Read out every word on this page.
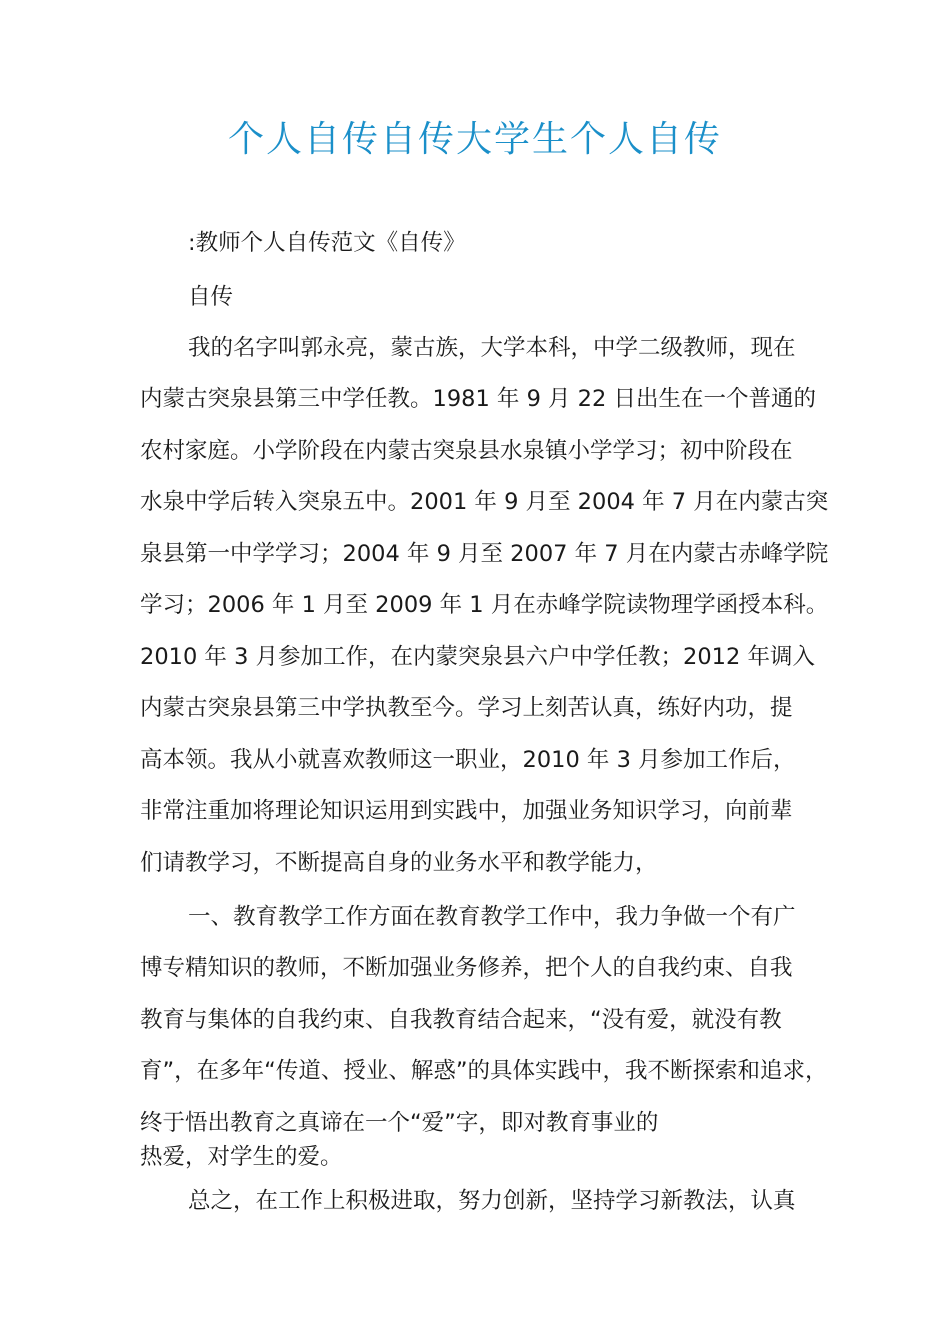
个人自传自传大学生个人自传

:教师个人自传范文《自传》

自传

我的名字叫郭永亮，蒙古族，大学本科，中学二级教师，现在

内蒙古突泉县第三中学任教。1981 年 9 月 22 日出生在一个普通的

农村家庭。小学阶段在内蒙古突泉县水泉镇小学学习；初中阶段在

水泉中学后转入突泉五中。2001 年 9 月至 2004 年 7 月在内蒙古突

泉县第一中学学习；2004 年 9 月至 2007 年 7 月在内蒙古赤峰学院

学习；2006 年 1 月至 2009 年 1 月在赤峰学院读物理学函授本科。

2010 年 3 月参加工作，在内蒙突泉县六户中学任教；2012 年调入

内蒙古突泉县第三中学执教至今。学习上刻苦认真，练好内功，提

高本领。我从小就喜欢教师这一职业，2010 年 3 月参加工作后，

非常注重加将理论知识运用到实践中，加强业务知识学习，向前辈

们请教学习，不断提高自身的业务水平和教学能力，

一、教育教学工作方面在教育教学工作中，我力争做一个有广

博专精知识的教师，不断加强业务修养，把个人的自我约束、自我

教育与集体的自我约束、自我教育结合起来，“没有爱，就没有教

育”，在多年“传道、授业、解惑”的具体实践中，我不断探索和追求，

终于悟出教育之真谛在一个“爱”字，即对教育事业的

热爱，对学生的爱。

总之，在工作上积极进取，努力创新，坚持学习新教法，认真
